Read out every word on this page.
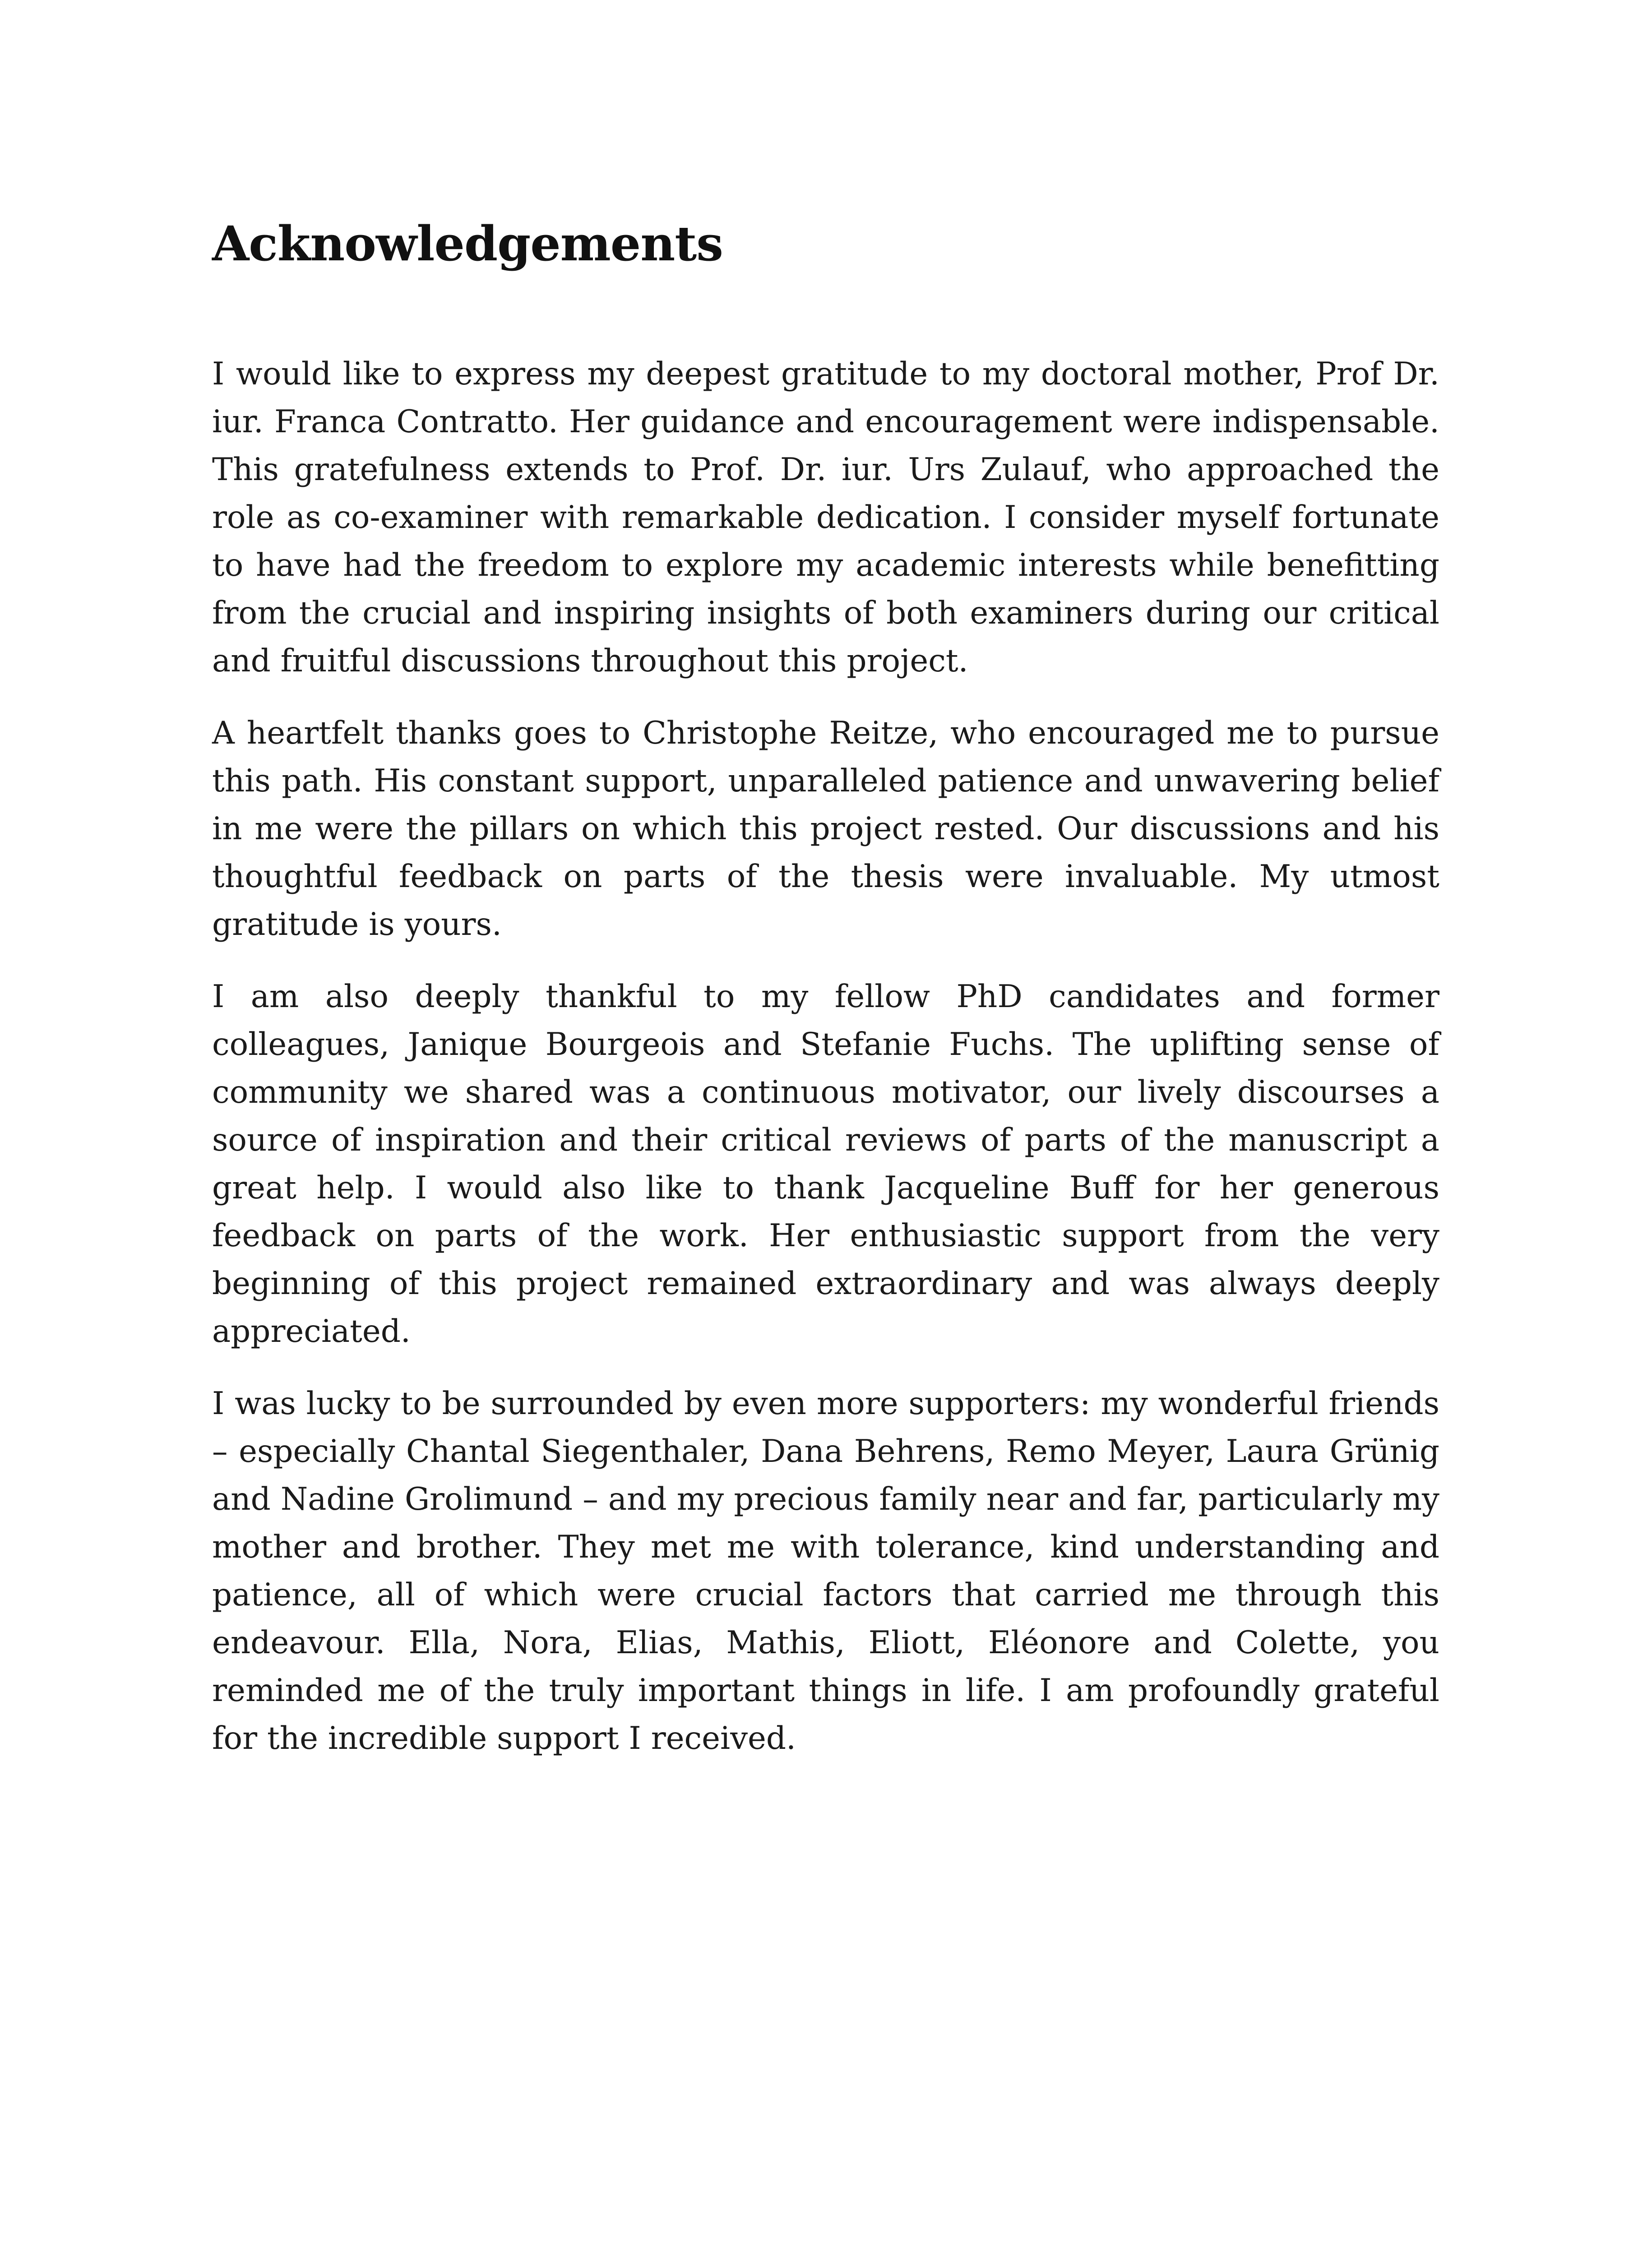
Acknowledgements

I would like to express my deepest gratitude to my doctoral mother, Prof Dr. iur. Franca Contratto. Her guidance and encouragement were indispensable. This gratefulness extends to Prof. Dr. iur. Urs Zulauf, who approached the role as co-examiner with remarkable dedication. I consider myself fortunate to have had the freedom to explore my academic interests while benefitting from the crucial and inspiring insights of both examiners during our critical and fruitful discussions throughout this project.

A heartfelt thanks goes to Christophe Reitze, who encouraged me to pursue this path. His constant support, unparalleled patience and unwavering belief in me were the pillars on which this project rested. Our discussions and his thoughtful feedback on parts of the thesis were invaluable. My utmost gratitude is yours.

I am also deeply thankful to my fellow PhD candidates and former colleagues, Janique Bourgeois and Stefanie Fuchs. The uplifting sense of community we shared was a continuous motivator, our lively discourses a source of inspiration and their critical reviews of parts of the manuscript a great help. I would also like to thank Jacqueline Buff for her generous feedback on parts of the work. Her enthusiastic support from the very beginning of this project remained extraordinary and was always deeply appreciated.

I was lucky to be surrounded by even more supporters: my wonderful friends – especially Chantal Siegenthaler, Dana Behrens, Remo Meyer, Laura Grünig and Nadine Grolimund – and my precious family near and far, particularly my mother and brother. They met me with tolerance, kind understanding and patience, all of which were crucial factors that carried me through this endeavour. Ella, Nora, Elias, Mathis, Eliott, Eléonore and Colette, you reminded me of the truly important things in life. I am profoundly grateful for the incredible support I received.
